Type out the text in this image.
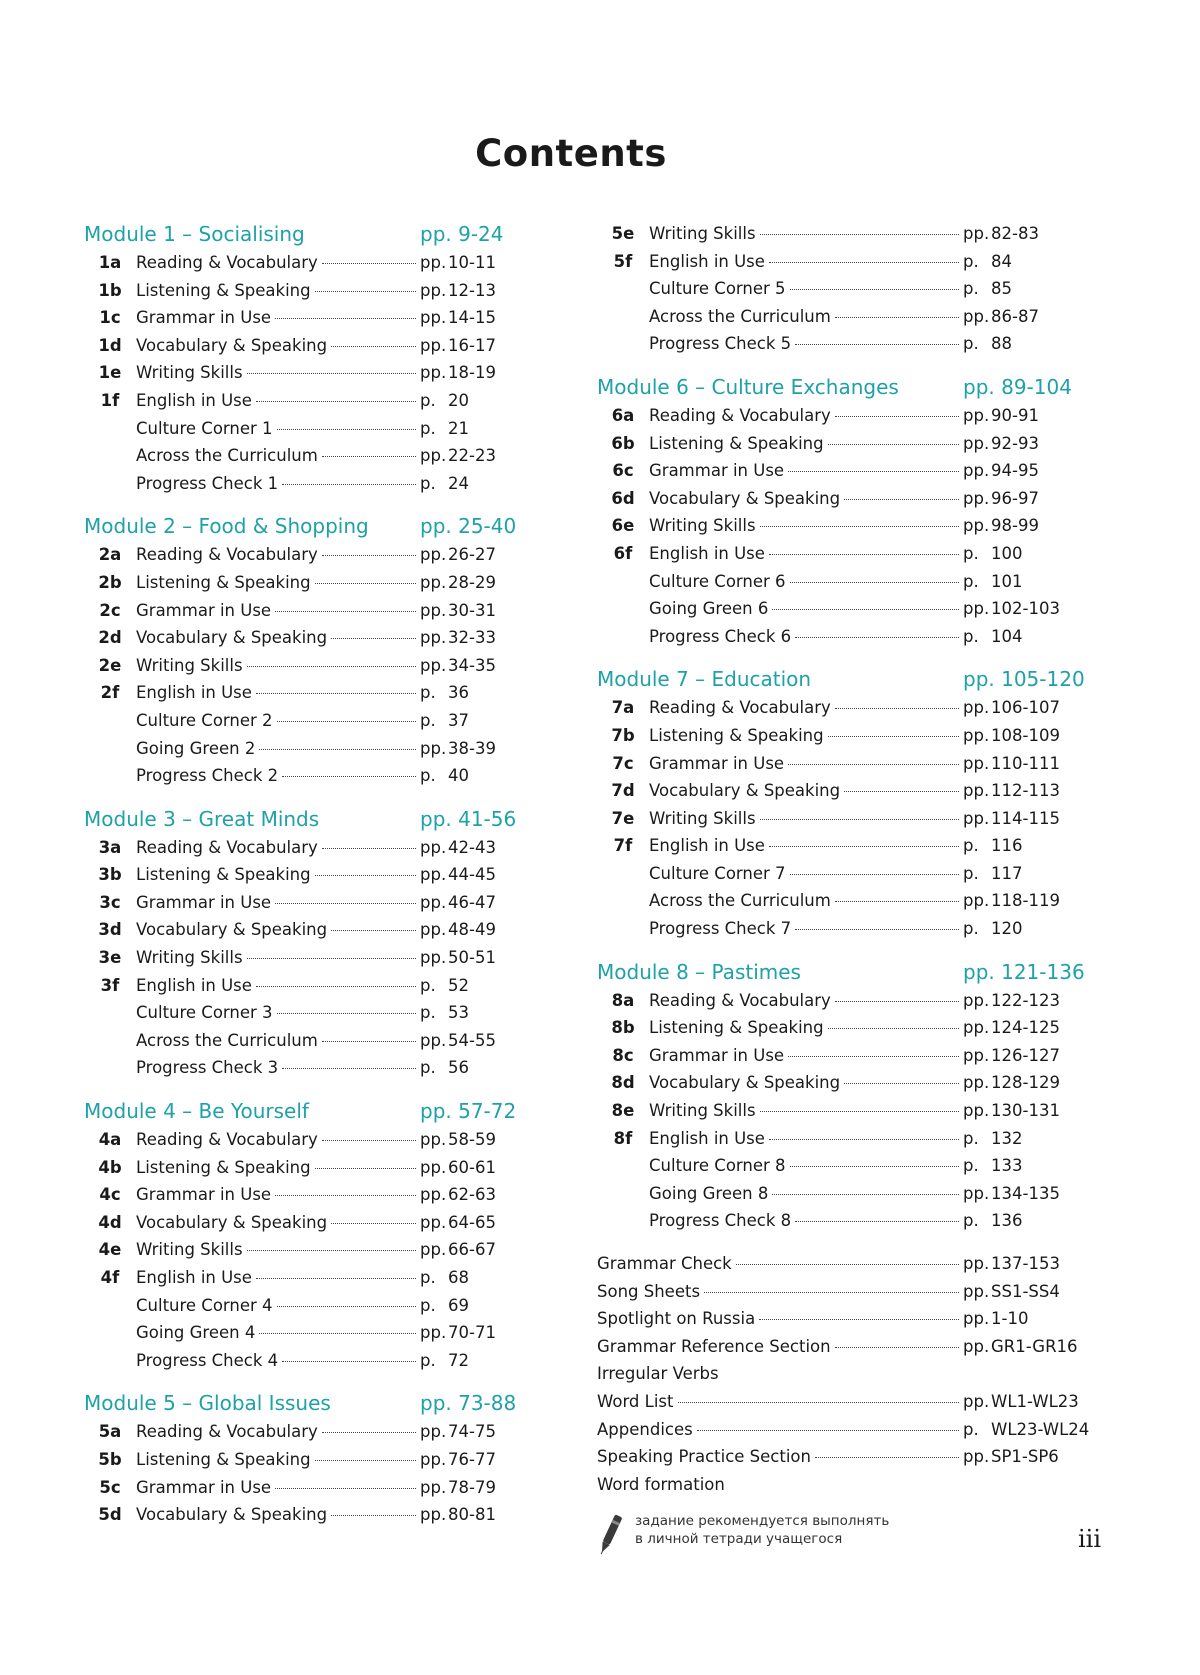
Contents
Module 1 – Socialising	pp. 9-24
1a Reading & Vocabulary	pp. 10-11
1b Listening & Speaking	pp. 12-13
1c Grammar in Use	pp. 14-15
1d Vocabulary & Speaking	pp. 16-17
1e Writing Skills	pp. 18-19
1f	English in Use	p. 20
Culture Corner 1	p. 21
Across the Curriculum	pp. 22-23
Progress Check 1	p. 24
Module 2 – Food & Shopping	pp. 25-40
2a Reading & Vocabulary	pp. 26-27
2b Listening & Speaking	pp. 28-29
2c Grammar in Use	pp. 30-31
2d Vocabulary & Speaking	pp. 32-33
2e Writing Skills	pp. 34-35
2f	English in Use	p. 36
Culture Corner 2	p. 37
Going Green 2	pp. 38-39
Progress Check 2	p. 40
Module 3 – Great Minds	pp. 41-56
3a Reading & Vocabulary	pp. 42-43
3b Listening & Speaking	pp. 44-45
3c Grammar in Use	pp. 46-47
3d Vocabulary & Speaking	pp. 48-49
3e Writing Skills	pp. 50-51
3f	English in Use	p. 52
Culture Corner 3	p. 53
Across the Curriculum	pp. 54-55
Progress Check 3	p. 56
Module 4 – Be Yourself	pp. 57-72
4a Reading & Vocabulary	pp. 58-59
4b Listening & Speaking	pp. 60-61
4c Grammar in Use	pp. 62-63
4d Vocabulary & Speaking	pp. 64-65
4e Writing Skills	pp. 66-67
4f	English in Use	p. 68
Culture Corner 4	p. 69
Going Green 4	pp. 70-71
Progress Check 4	p. 72
Module 5 – Global Issues	pp. 73-88
5a Reading & Vocabulary	pp. 74-75
5b Listening & Speaking	pp. 76-77
5c Grammar in Use	pp. 78-79
5d Vocabulary & Speaking	pp. 80-81
5e Writing Skills	pp. 82-83
5f	English in Use	p. 84
Culture Corner 5	p. 85
Across the Curriculum	pp. 86-87
Progress Check 5	p. 88
Module 6 – Culture Exchanges	pp. 89-104
6a Reading & Vocabulary	pp. 90-91
6b Listening & Speaking	pp. 92-93
6c Grammar in Use	pp. 94-95
6d Vocabulary & Speaking	pp. 96-97
6e Writing Skills	pp. 98-99
6f	English in Use	p. 100
Culture Corner 6	p. 101
Going Green 6	pp. 102-103
Progress Check 6	p. 104
Module 7 – Education	pp. 105-120
7a Reading & Vocabulary	pp. 106-107
7b Listening & Speaking	pp. 108-109
7c Grammar in Use	pp. 110-111
7d Vocabulary & Speaking	pp. 112-113
7e Writing Skills	pp. 114-115
7f	English in Use	p. 116
Culture Corner 7	p. 117
Across the Curriculum	pp. 118-119
Progress Check 7	p. 120
Module 8 – Pastimes	pp. 121-136
8a Reading & Vocabulary	pp. 122-123
8b Listening & Speaking	pp. 124-125
8c Grammar in Use	pp. 126-127
8d Vocabulary & Speaking	pp. 128-129
8e Writing Skills	pp. 130-131
8f	English in Use	p. 132
Culture Corner 8	p. 133
Going Green 8	pp. 134-135
Progress Check 8	p. 136
Grammar Check	pp. 137-153
Song Sheets	pp. SS1-SS4
Spotlight on Russia	pp. 1-10
Grammar Reference Section	pp. GR1-GR16
Irregular Verbs
Word List	pp. WL1-WL23
Appendices	p. WL23-WL24
Speaking Practice Section	pp. SP1-SP6
Word formation
задание рекомендуется выполнять
в личной тетради учащегося	iii
